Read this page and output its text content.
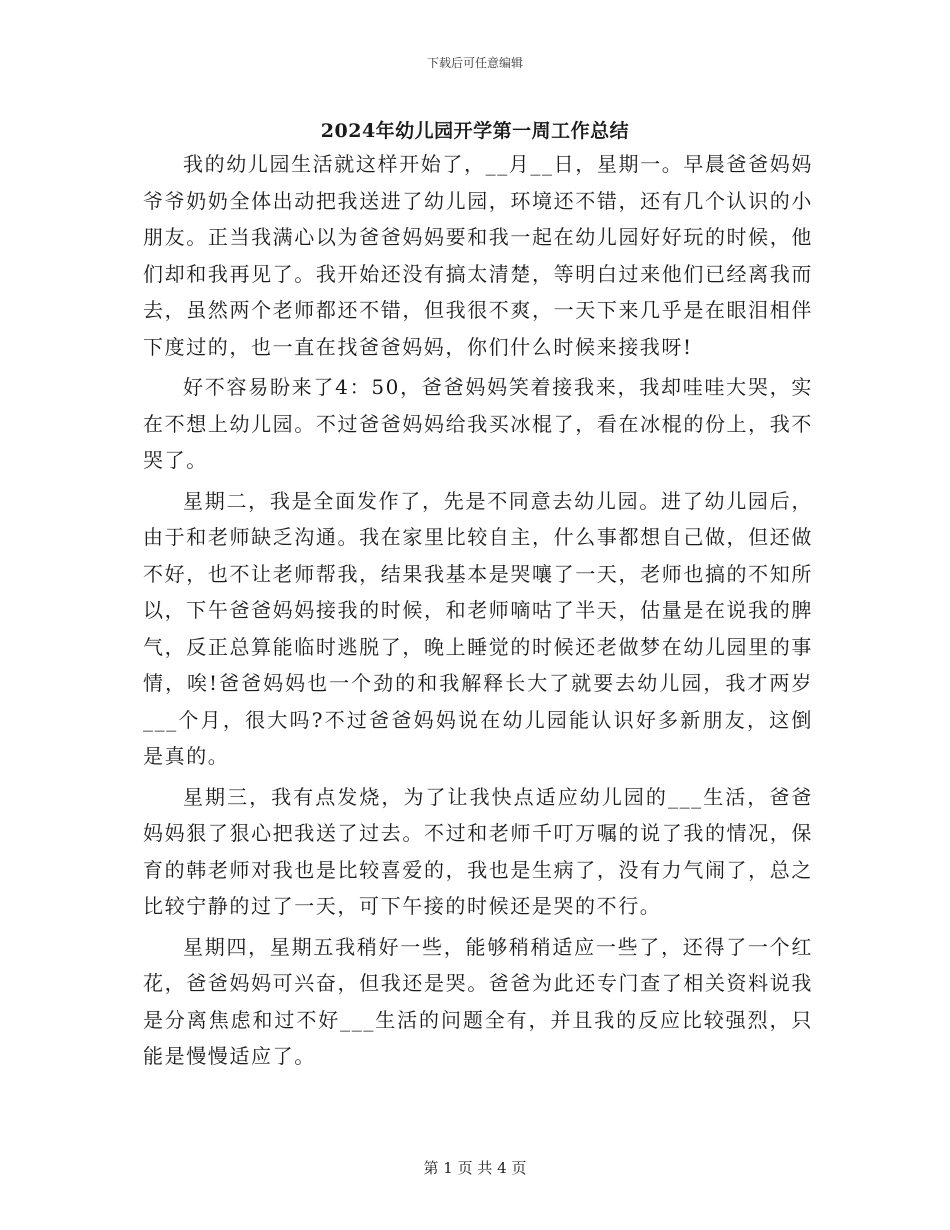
下载后可任意编辑
2024年幼儿园开学第一周工作总结

我的幼儿园生活就这样开始了，__月__日，星期一。早晨爸爸妈妈爷爷奶奶全体出动把我送进了幼儿园，环境还不错，还有几个认识的小朋友。正当我满心以为爸爸妈妈要和我一起在幼儿园好好玩的时候，他们却和我再见了。我开始还没有搞太清楚，等明白过来他们已经离我而去，虽然两个老师都还不错，但我很不爽，一天下来几乎是在眼泪相伴下度过的，也一直在找爸爸妈妈，你们什么时候来接我呀!

好不容易盼来了4：50，爸爸妈妈笑着接我来，我却哇哇大哭，实在不想上幼儿园。不过爸爸妈妈给我买冰棍了，看在冰棍的份上，我不哭了。

星期二，我是全面发作了，先是不同意去幼儿园。进了幼儿园后，由于和老师缺乏沟通。我在家里比较自主，什么事都想自己做，但还做不好，也不让老师帮我，结果我基本是哭嚷了一天，老师也搞的不知所以，下午爸爸妈妈接我的时候，和老师嘀咕了半天，估量是在说我的脾气，反正总算能临时逃脱了，晚上睡觉的时候还老做梦在幼儿园里的事情，唉!爸爸妈妈也一个劲的和我解释长大了就要去幼儿园，我才两岁___个月，很大吗?不过爸爸妈妈说在幼儿园能认识好多新朋友，这倒是真的。

星期三，我有点发烧，为了让我快点适应幼儿园的___生活，爸爸妈妈狠了狠心把我送了过去。不过和老师千叮万嘱的说了我的情况，保育的韩老师对我也是比较喜爱的，我也是生病了，没有力气闹了，总之比较宁静的过了一天，可下午接的时候还是哭的不行。

星期四，星期五我稍好一些，能够稍稍适应一些了，还得了一个红花，爸爸妈妈可兴奋，但我还是哭。爸爸为此还专门查了相关资料说我是分离焦虑和过不好___生活的问题全有，并且我的反应比较强烈，只能是慢慢适应了。

第 1 页 共 4 页
